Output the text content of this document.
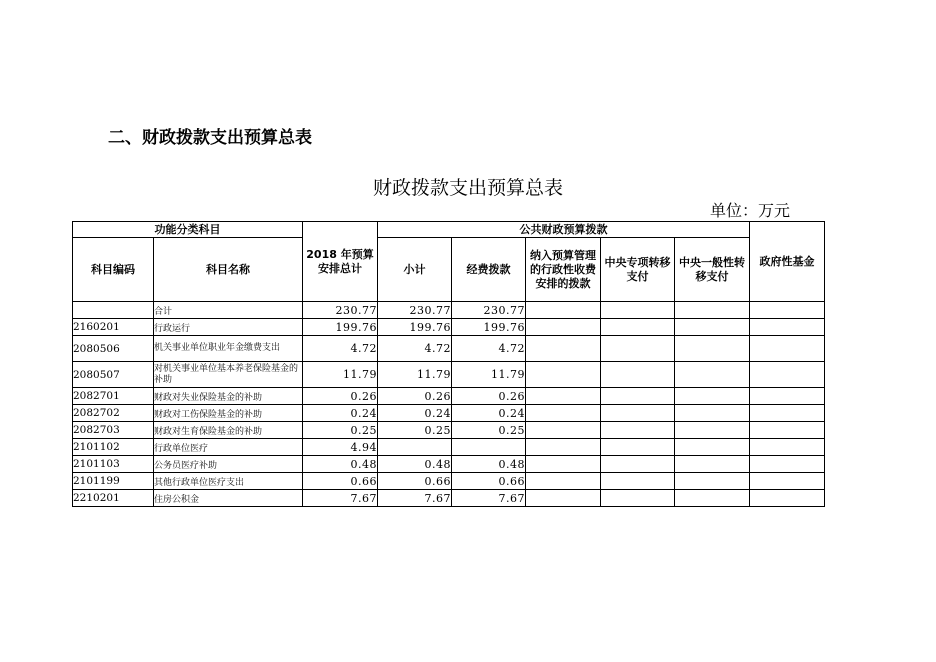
二、财政拨款支出预算总表
财政拨款支出预算总表
单位：万元
功能分类科目		2018 年预算安排总计	公共财政预算拨款					政府性基金
科目编码	科目名称		小计	经费拨款	纳入预算管理的行政性收费安排的拨款	中央专项转移支付	中央一般性转移支付	
	合计	230.77	230.77	230.77				
2160201	行政运行	199.76	199.76	199.76				
2080506	机关事业单位职业年金缴费支出	4.72	4.72	4.72				
2080507	对机关事业单位基本养老保险基金的补助	11.79	11.79	11.79				
2082701	财政对失业保险基金的补助	0.26	0.26	0.26				
2082702	财政对工伤保险基金的补助	0.24	0.24	0.24				
2082703	财政对生育保险基金的补助	0.25	0.25	0.25				
2101102	行政单位医疗	4.94						
2101103	公务员医疗补助	0.48	0.48	0.48				
2101199	其他行政单位医疗支出	0.66	0.66	0.66				
2210201	住房公积金	7.67	7.67	7.67				
